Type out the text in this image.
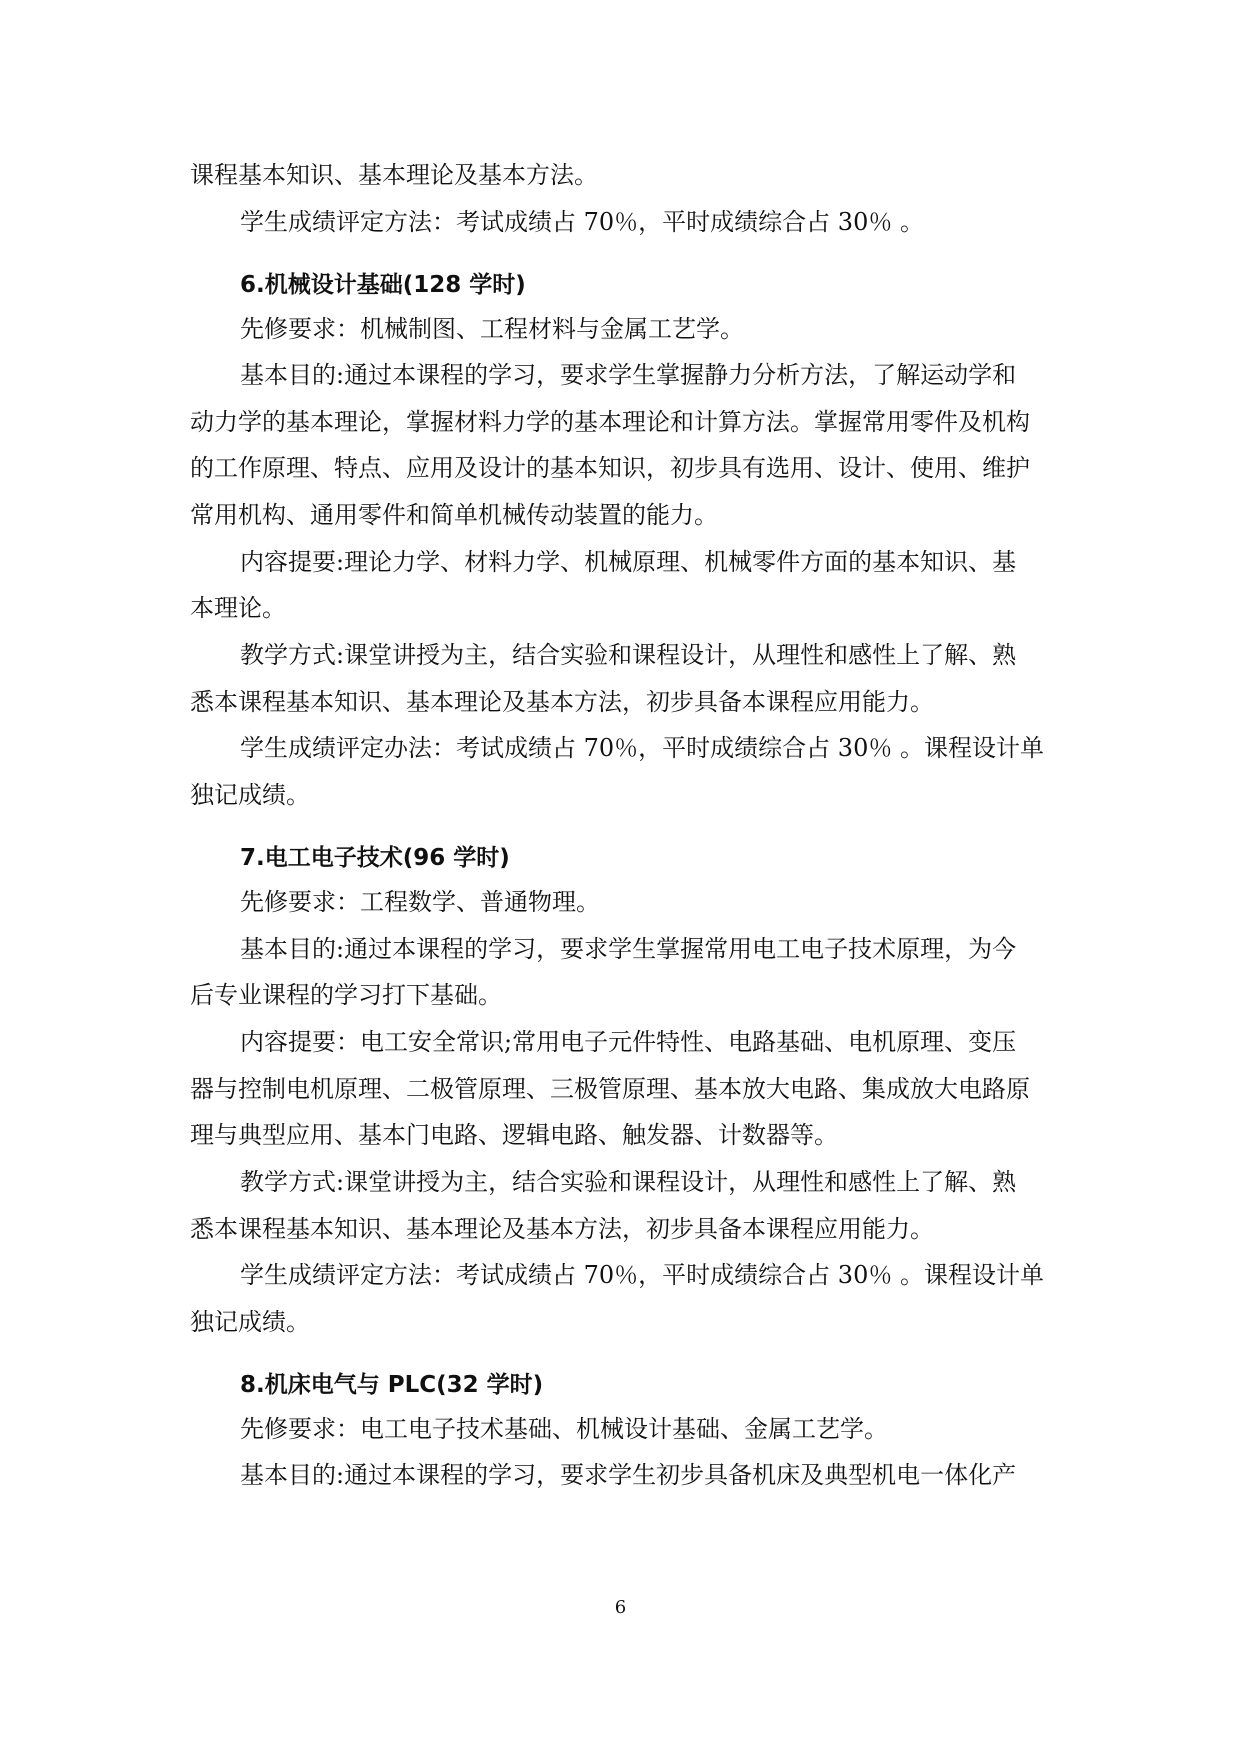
课程基本知识、基本理论及基本方法。
学生成绩评定方法：考试成绩占 70％，平时成绩综合占 30％ 。
6.机械设计基础(128 学时)
先修要求：机械制图、工程材料与金属工艺学。
基本目的:通过本课程的学习，要求学生掌握静力分析方法，了解运动学和
动力学的基本理论，掌握材料力学的基本理论和计算方法。掌握常用零件及机构
的工作原理、特点、应用及设计的基本知识，初步具有选用、设计、使用、维护
常用机构、通用零件和简单机械传动装置的能力。
内容提要:理论力学、材料力学、机械原理、机械零件方面的基本知识、基
本理论。
教学方式:课堂讲授为主，结合实验和课程设计，从理性和感性上了解、熟
悉本课程基本知识、基本理论及基本方法，初步具备本课程应用能力。
学生成绩评定办法：考试成绩占 70％，平时成绩综合占 30％ 。课程设计单
独记成绩。
7.电工电子技术(96 学时)
先修要求：工程数学、普通物理。
基本目的:通过本课程的学习，要求学生掌握常用电工电子技术原理，为今
后专业课程的学习打下基础。
内容提要：电工安全常识;常用电子元件特性、电路基础、电机原理、变压
器与控制电机原理、二极管原理、三极管原理、基本放大电路、集成放大电路原
理与典型应用、基本门电路、逻辑电路、触发器、计数器等。
教学方式:课堂讲授为主，结合实验和课程设计，从理性和感性上了解、熟
悉本课程基本知识、基本理论及基本方法，初步具备本课程应用能力。
学生成绩评定方法：考试成绩占 70％，平时成绩综合占 30％ 。课程设计单
独记成绩。
8.机床电气与 PLC(32 学时)
先修要求：电工电子技术基础、机械设计基础、金属工艺学。
基本目的:通过本课程的学习，要求学生初步具备机床及典型机电一体化产
6
